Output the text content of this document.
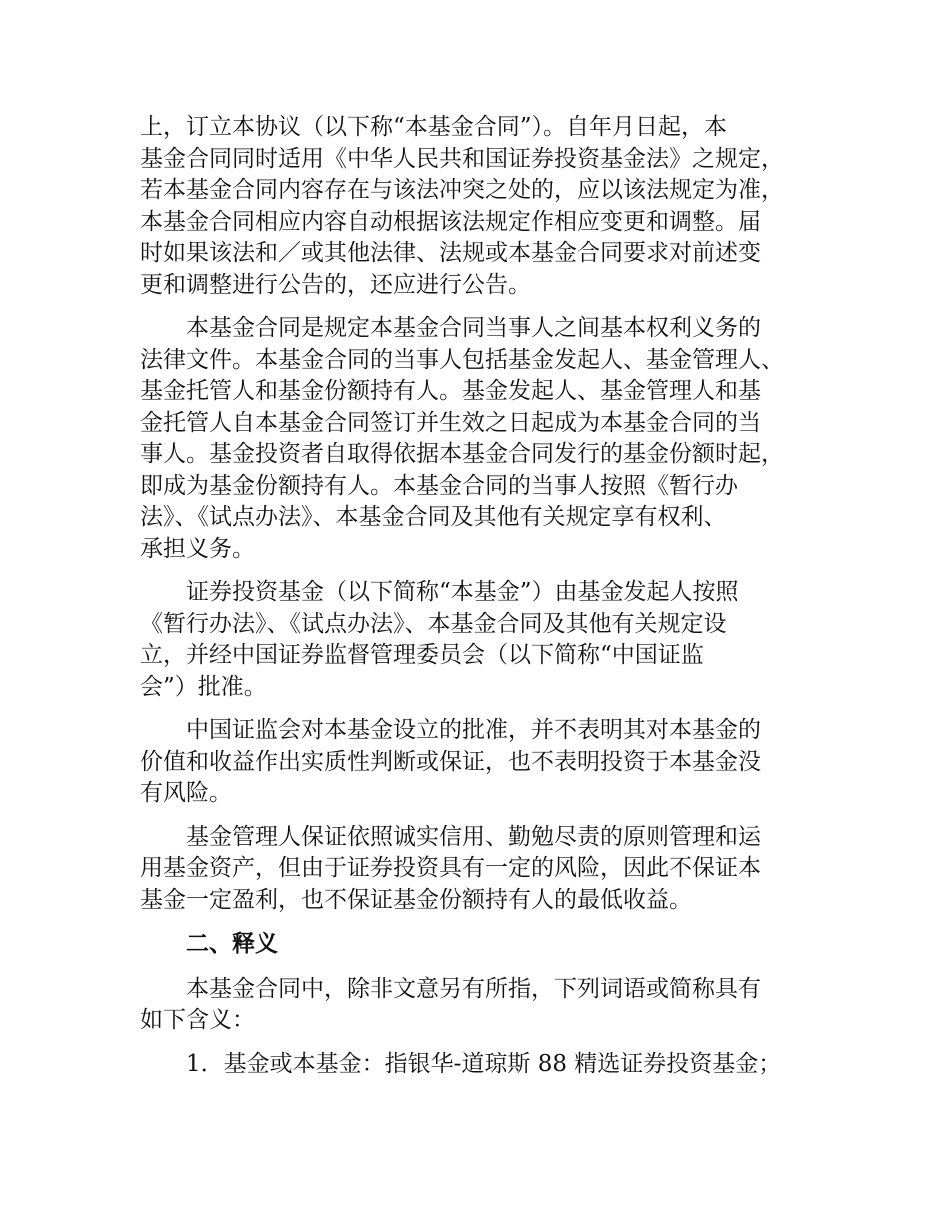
上，订立本协议（以下称“本基金合同”）。自年月日起，本
基金合同同时适用《中华人民共和国证券投资基金法》之规定，
若本基金合同内容存在与该法冲突之处的，应以该法规定为准，
本基金合同相应内容自动根据该法规定作相应变更和调整。届
时如果该法和／或其他法律、法规或本基金合同要求对前述变
更和调整进行公告的，还应进行公告。

本基金合同是规定本基金合同当事人之间基本权利义务的
法律文件。本基金合同的当事人包括基金发起人、基金管理人、
基金托管人和基金份额持有人。基金发起人、基金管理人和基
金托管人自本基金合同签订并生效之日起成为本基金合同的当
事人。基金投资者自取得依据本基金合同发行的基金份额时起，
即成为基金份额持有人。本基金合同的当事人按照《暂行办
法》、《试点办法》、本基金合同及其他有关规定享有权利、
承担义务。

证券投资基金（以下简称“本基金”）由基金发起人按照
《暂行办法》、《试点办法》、本基金合同及其他有关规定设
立，并经中国证券监督管理委员会（以下简称“中国证监
会”）批准。

中国证监会对本基金设立的批准，并不表明其对本基金的
价值和收益作出实质性判断或保证，也不表明投资于本基金没
有风险。

基金管理人保证依照诚实信用、勤勉尽责的原则管理和运
用基金资产，但由于证券投资具有一定的风险，因此不保证本
基金一定盈利，也不保证基金份额持有人的最低收益。

二、释义

本基金合同中，除非文意另有所指，下列词语或简称具有
如下含义：

1．基金或本基金：指银华-道琼斯 88 精选证券投资基金；
